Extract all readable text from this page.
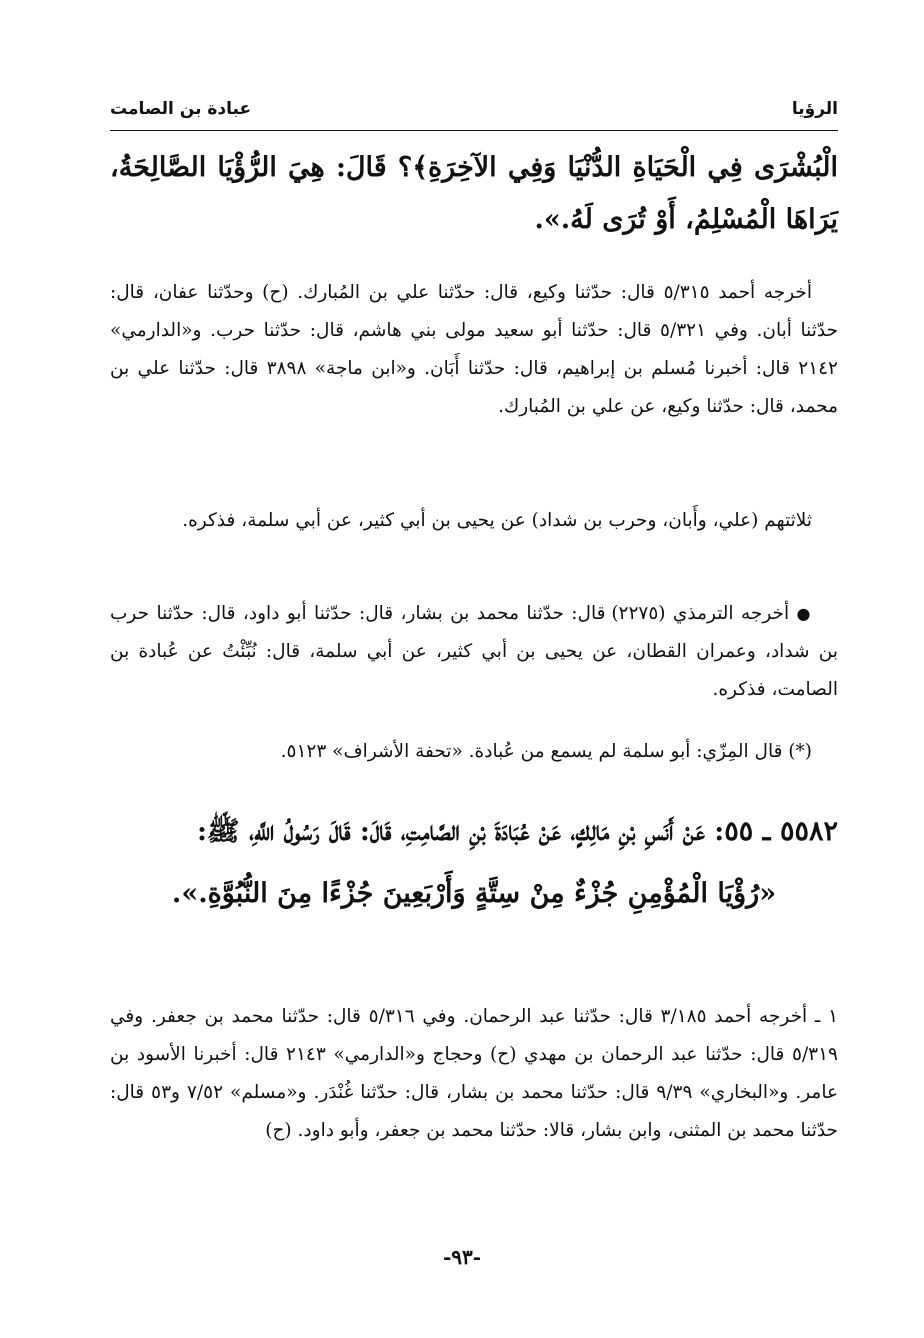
الرؤيا
عبادة بن الصامت

الْبُشْرَى فِي الْحَيَاةِ الدُّنْيَا وَفِي الآخِرَةِ﴾؟ قَالَ: هِيَ الرُّؤْيَا الصَّالِحَةُ، يَرَاهَا الْمُسْلِمُ، أَوْ تُرَى لَهُ.».

أخرجه أحمد ٥/٣١٥ قال: حدّثنا وكيع، قال: حدّثنا علي بن المُبارك. (ح) وحدّثنا عفان، قال: حدّثنا أبان. وفي ٥/٣٢١ قال: حدّثنا أبو سعيد مولى بني هاشم، قال: حدّثنا حرب. و«الدارمي» ٢١٤٢ قال: أخبرنا مُسلم بن إبراهيم، قال: حدّثنا أَبَان. و«ابن ماجة» ٣٨٩٨ قال: حدّثنا علي بن محمد، قال: حدّثنا وكيع، عن علي بن المُبارك.

ثلاثتهم (علي، وأَبان، وحرب بن شداد) عن يحيى بن أبي كثير، عن أبي سلمة، فذكره.

● أخرجه الترمذي (٢٢٧٥) قال: حدّثنا محمد بن بشار، قال: حدّثنا أبو داود، قال: حدّثنا حرب بن شداد، وعمران القطان، عن يحيى بن أبي كثير، عن أبي سلمة، قال: نُبِّئْتُ عن عُبادة بن الصامت، فذكره.

(*) قال المِزّي: أبو سلمة لم يسمع من عُبادة. «تحفة الأشراف» ٥١٢٣.

٥٥٨٢ ـ ٥٥: عَنْ أَنَسِ بْنِ مَالِكٍ، عَنْ عُبَادَةَ بْنِ الصَّامِتِ، قَالَ: قَالَ رَسُولُ اللَّهِ، ﷺ:

«رُؤْيَا الْمُؤْمِنِ جُزْءٌ مِنْ سِتَّةٍ وَأَرْبَعِينَ جُزْءًا مِنَ النُّبُوَّةِ.».

١ ـ أخرجه أحمد ٣/١٨٥ قال: حدّثنا عبد الرحمان. وفي ٥/٣١٦ قال: حدّثنا محمد بن جعفر. وفي ٥/٣١٩ قال: حدّثنا عبد الرحمان بن مهدي (ح) وحجاج و«الدارمي» ٢١٤٣ قال: أخبرنا الأسود بن عامر. و«البخاري» ٩/٣٩ قال: حدّثنا محمد بن بشار، قال: حدّثنا غُنْدَر. و«مسلم» ٧/٥٢ و٥٣ قال: حدّثنا محمد بن المثنى، وابن بشار، قالا: حدّثنا محمد بن جعفر، وأبو داود. (ح)

-٩٣-
